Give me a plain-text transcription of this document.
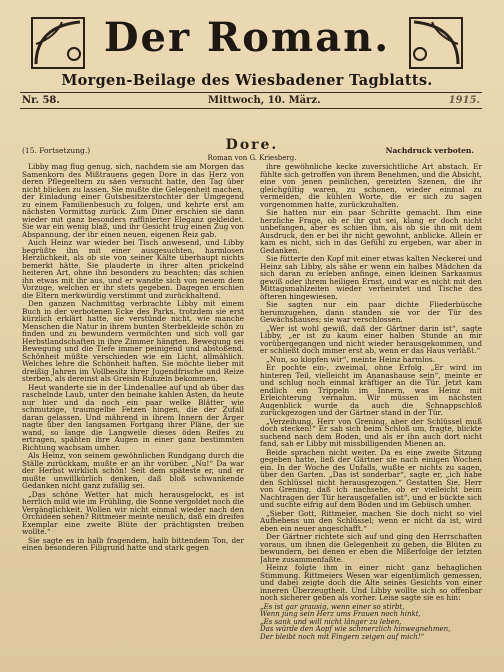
Der Roman.
Morgen-Beilage des Wiesbadener Tagblatts.
Nr. 58.	Mittwoch, 10. März.	1915.
Dore.
(15. Fortsetzung.)	Nachdruck verboten.
Roman von G. Kriesberg.

Libby mag flug genug, sich, nachdem sie am Morgen das Samenkorn des Mißtrauens gegen Dore in das Herz von deren Pflegeeltern zu säen versucht hatte, den Tag über nicht blicken zu lassen. Sie mußte die Gelegenheit machen, der Einladung einer Gutsbesitzerstochter der Umgegend zu einem Familienbesuch zu folgen, und kehrte erst am nächsten Vormittag zurück. Zum Diner erschien sie dann wieder mit ganz besonders raffinierter Eleganz gekleidet. Sie war ein wenig blaß, und ihr Gesicht trug einen Zug von Abspannung, der ihr einen neuen, eigenen Reiz gab.

Auch Heinz war wieder bei Tisch anwesend, und Libby begrüßte ihn mit einer ausgesuchten, harmlosen Herzlichkeit, als ob sie von seiner Kälte überhaupt nichts bemerkt hätte. Sie plauderte in ihrer alten prickelnd heiteren Art, ohne ihn besonders zu beachten; das schien ihn etwas mit ihr aus, und er wandte sich von neuem dem Vorzuge, welchen er ihr stets gegeben. Dagegen erschien die Eltern merkwürdig verstimmt und zurückhaltend.

Den ganzen Nachmittag verbrachte Libby mit einem Buch in der verbotenen Ecke des Parks, trotzdem sie erst kürzlich erklärt hatte, sie verstünde nicht, wie manche Menschen die Natur in ihrem bunten Sterbekleide schön zu finden und zu bewundern vermöchten und sich voll gar Herbstlandschaften in ihre Zimmer hängten. Bewegung sei Bewegung und die Tiefe immer peinigend und abstoßend. Schönheit müßte verschieden wie ein Licht, allmählich. Welches lehre die Schönheit haften. Sie möchte lieber mit dreißig Jahren im Vollbesitz ihrer Jugendfrische und Reize sterben, als dereinst als Greisin Runzeln bekommen.

Heut wanderte sie in der Lindenallee auf und ab über das raschelnde Laub, unter den beinahe kahlen Ästen, da heute nur hier und da noch ein paar welke Blätter wie schmutzige, traumgelbe Fetzen hingen, die der Zufall daran gelassen. Und mährend in ihrem Innern der Ärger nagte über den langsamen Fortgang ihrer Pläne, der sie wand, so lange die Langweile dieses öden Reifes zu ertragen, spähten ihre Augen in einer ganz bestimmten Richtung wachsam umher.

Als Heinz, von seinem gewöhnlichen Rundgang durch die Ställe zurückkam, mußte er an ihr vorüber. „Nu!“ Da war der Herbst wirklich schön! Seit dem späteste er, und er mußte unwillkürlich denken, daß bloß schwankende Gedanken nicht ganz zufällig sei.

„Das schöne Wetter hat mich herausgelockt, es ist herrlich mild wie im Frühling, die Sonne vergoldet noch die Vergänglichkeit. Wollen wir nicht einmal wieder nach den Orchideen sehen? Rittmeier meinte neulich, daß ein dreifes Exemplar eine zweite Blüte der prächtigsten treiben wollte.“

Sie sagte es in halb fragendem, halb bittendem Ton, der einen besonderen Filigrund hatte und stark gegen

ihre gewöhnliche kecke zuversichtliche Art abstach. Er fühlte sich getroffen von ihrem Benehmen, und die Absicht, eine von jenen peinlichen, gereizten Szenen, die ihr gleichgültig waren, zu schonen, wieder einmal zu vermeiden, die kühlen Worte, die er sich zu sagen vorgenommen hatte, zurückzuhalten.

Sie hatten nur ein paar Schritte gemacht. Ihm eine herzliche Frage, ob er ihr gut sei, klang er doch nicht unbefangen, aber es schien ihm, als ob sie ihn mit dem Ausdruck, den er bei ihr nicht gewohnt, anblicke. Allein er kam es nicht, sich in das Gefühl zu ergeben, war aber in Gedanken.

Sie fütterte den Kopf mit einer etwas kalten Neckerei und Heinz sah Libby, als sähe er wenn ein halbes Mädchen da sich daran zu erleben anfinge, einen kleinen Sarkasmus gewiß oder ihrem heiligen Ernst, und war es nicht mit den Mittagsmahlzeiten wieder verheiratet und Tische des öfteren hingewiesen.

Sie sagten nur ein paar dichte Fliederbüsche herumzugehen, dann standen sie vor der Tür des Gewächshauses; sie war verschlossen.

„Wer ist wohl gewiß, daß der Gärtner darin ist“, sagte Libby, „er ist zu kaum einer halben Stunde an mir vorübergegangen und nicht wieder herausgekommen, und er schließt doch immer erst ab, wenn er das Haus verläßt.“

„Nun, so klopfen wir“, meinte Heinz harmlos.

Er pochte ein-, zweimal, ohne Erfolg. „Er wird im hinteren Teil, vielleicht im Ananashause sein“, meinte er und schlug noch einmal kräftiger an die Tür. Jetzt kam endlich ein Trippeln im Innern, was Heinz mit Erleichterung vernahm. Wir müssen im nächsten Augenblick wurde da auch die Schnappschloß zurückgezogen und der Gärtner stand in der Tür.

„Verzeihung, Herr von Grening, aber der Schlüssel muß doch stecken!“ Er sah sich beim Schloß um, fragte, blickte suchend nach dem Boden, und als er ihn auch dort nicht fand, sah er Libby mit missbilligenden Mienen an.

Beide sprachen nicht weiter. Da es eine zweite Sitzung gegeben hatte, ließ der Gärtner sie nach einigen Wochen ein. In der Woche des Unfalls, wußte er nichts zu sagen, über den Garten. „Das ist sonderbar“, sagte er, „ich habe den Schlüssel nicht herausgezogen.“ Gestatten Sie, Herr von Grening, daß ich nachsehe, ob er vielleicht beim Nachtragen der Tür herausgefallen ist“, und er bückte sich und suchte eifrig auf dem Boden und im Gebüsch umher.

„Sieber Gott, Rittmeier, machen Sie doch nicht so viel Aufhebens um den Schlüssel; wenn er nicht da ist, wird eben ein neuer angeschafft.“

Der Gärtner richtete sich auf und ging den Herrschaften voraus, um ihnen die Gelegenheit zu geben, die Blüten zu bewundern, bei denen er eben die Mißerfolge der letzten Jahre zusammenfaßte.

Heinz folgte ihm in einer nicht ganz behaglichen Stimmung. Rittmeiers Wesen war eigentümlich gemessen, und dabei zeigte doch die Alte seines Gesichts von einer inneren Überzeugtheit. Und Libby wollte sich so offenbar noch sicherer geben als vorher. Leise sagte sie es hin:

„Es ist gar grausig, wenn einer so stirbt,
Wenn jung sein Herz ums Frauen noch hinkt,
„Es sank und will nicht länger zu leben,
Das würde den Aopf wie schmerzlich hinwegnehmen,
Der bleibt noch mit Fingern zeigen auf mich!“
